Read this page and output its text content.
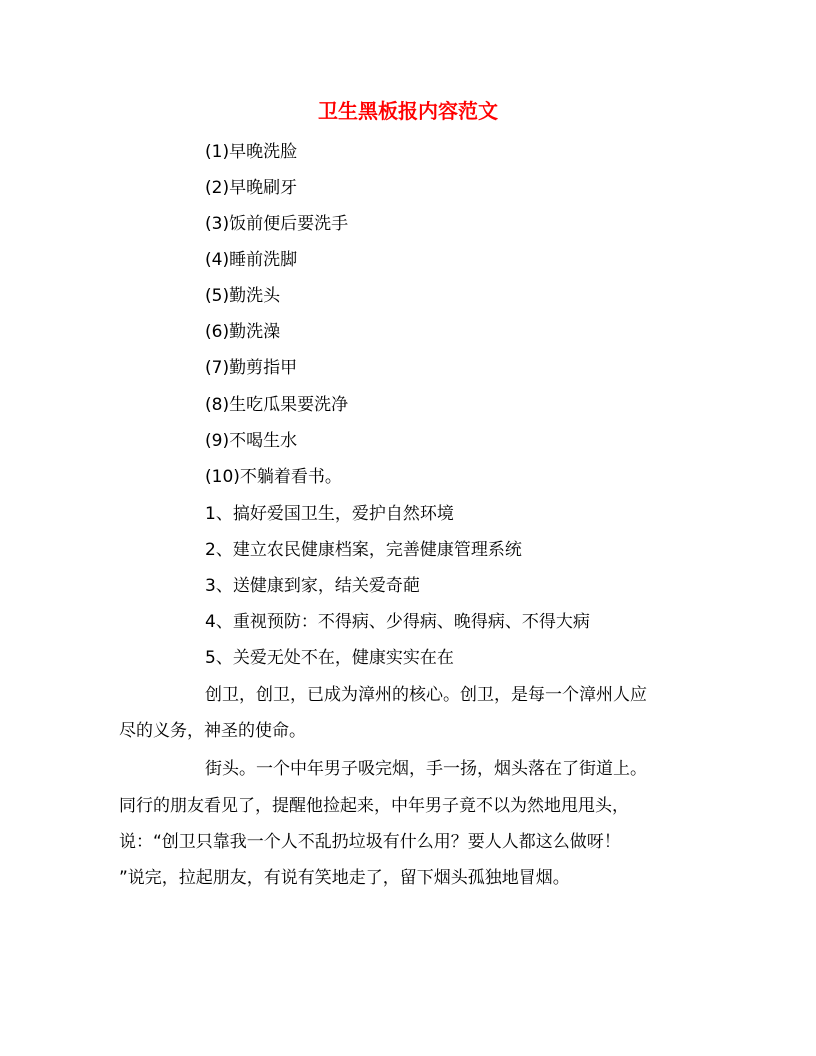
卫生黑板报内容范文
(1)早晚洗脸
(2)早晚刷牙
(3)饭前便后要洗手
(4)睡前洗脚
(5)勤洗头
(6)勤洗澡
(7)勤剪指甲
(8)生吃瓜果要洗净
(9)不喝生水
(10)不躺着看书。
1、搞好爱国卫生，爱护自然环境
2、建立农民健康档案，完善健康管理系统
3、送健康到家，结关爱奇葩
4、重视预防：不得病、少得病、晚得病、不得大病
5、关爱无处不在，健康实实在在
创卫，创卫，已成为漳州的核心。创卫，是每一个漳州人应
尽的义务，神圣的使命。
街头。一个中年男子吸完烟，手一扬，烟头落在了街道上。
同行的朋友看见了，提醒他捡起来，中年男子竟不以为然地甩甩头，
说：“创卫只靠我一个人不乱扔垃圾有什么用？要人人都这么做呀！
”说完，拉起朋友，有说有笑地走了，留下烟头孤独地冒烟。
